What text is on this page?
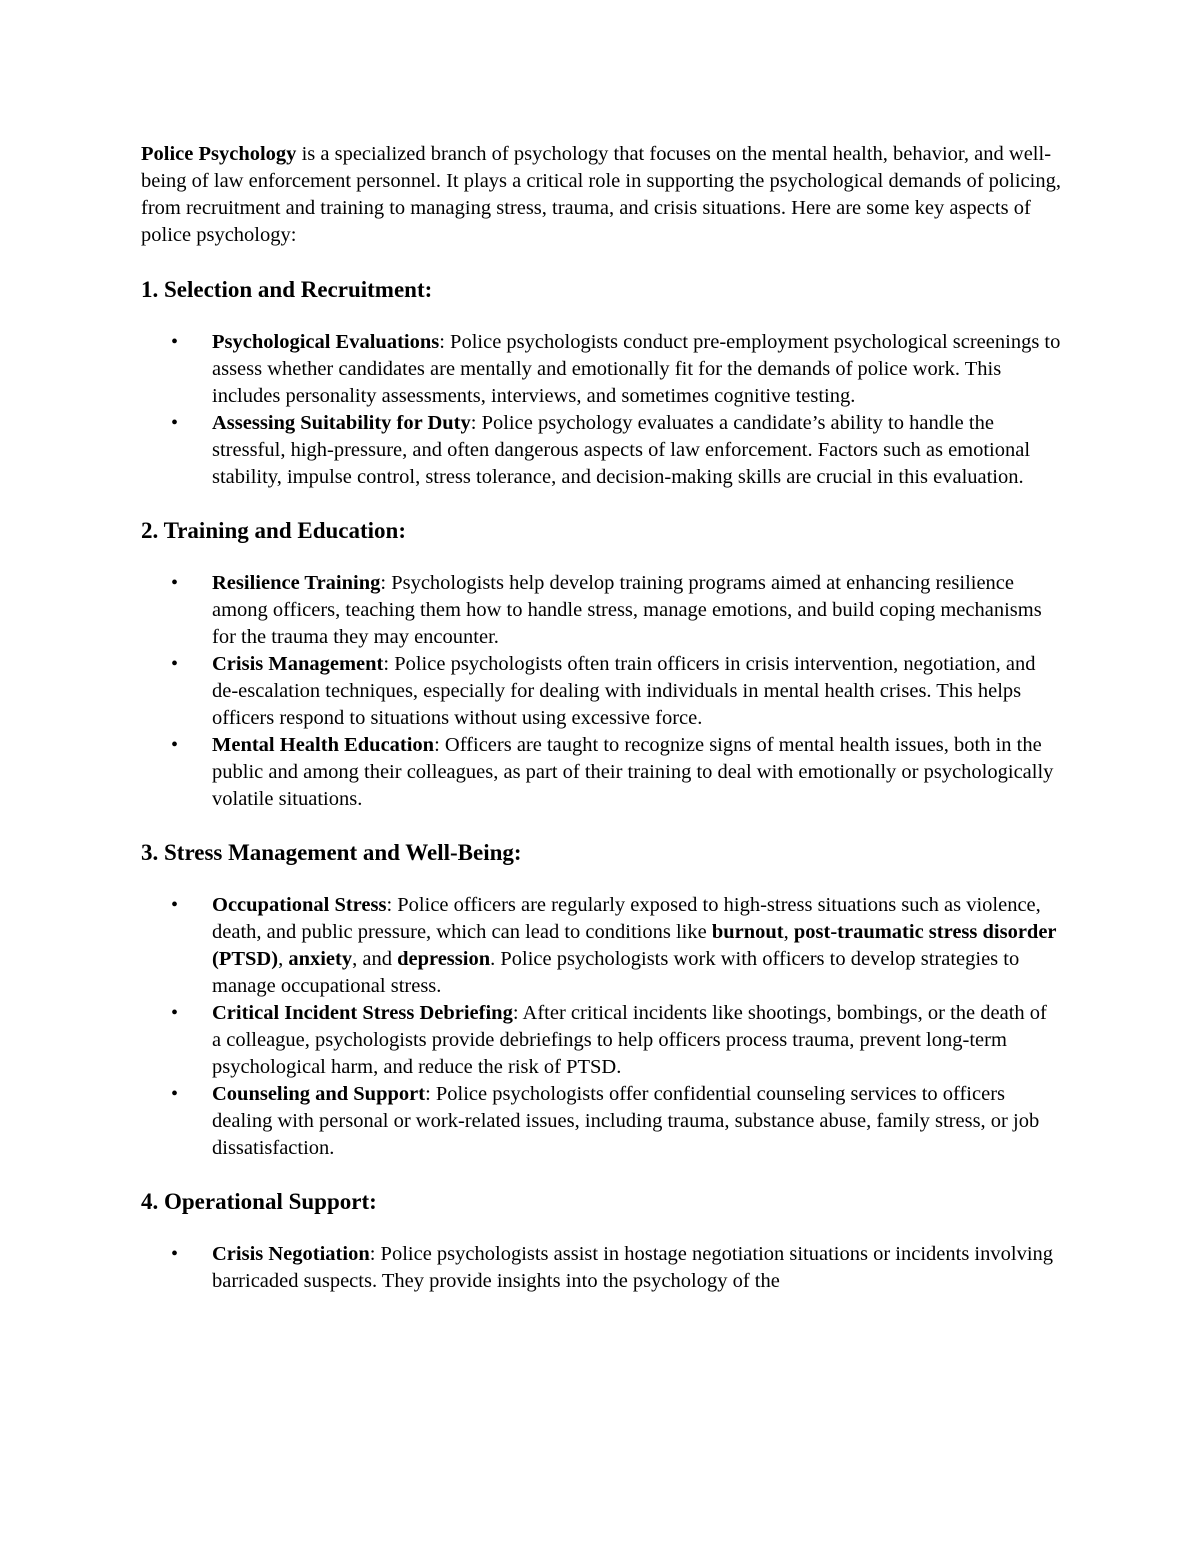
Police Psychology is a specialized branch of psychology that focuses on the mental health, behavior, and well-being of law enforcement personnel. It plays a critical role in supporting the psychological demands of policing, from recruitment and training to managing stress, trauma, and crisis situations. Here are some key aspects of police psychology:

1. Selection and Recruitment:
• Psychological Evaluations: Police psychologists conduct pre-employment psychological screenings to assess whether candidates are mentally and emotionally fit for the demands of police work. This includes personality assessments, interviews, and sometimes cognitive testing.
• Assessing Suitability for Duty: Police psychology evaluates a candidate’s ability to handle the stressful, high-pressure, and often dangerous aspects of law enforcement. Factors such as emotional stability, impulse control, stress tolerance, and decision-making skills are crucial in this evaluation.
2. Training and Education:
• Resilience Training: Psychologists help develop training programs aimed at enhancing resilience among officers, teaching them how to handle stress, manage emotions, and build coping mechanisms for the trauma they may encounter.
• Crisis Management: Police psychologists often train officers in crisis intervention, negotiation, and de-escalation techniques, especially for dealing with individuals in mental health crises. This helps officers respond to situations without using excessive force.
• Mental Health Education: Officers are taught to recognize signs of mental health issues, both in the public and among their colleagues, as part of their training to deal with emotionally or psychologically volatile situations.
3. Stress Management and Well-Being:
• Occupational Stress: Police officers are regularly exposed to high-stress situations such as violence, death, and public pressure, which can lead to conditions like burnout, post-traumatic stress disorder (PTSD), anxiety, and depression. Police psychologists work with officers to develop strategies to manage occupational stress.
• Critical Incident Stress Debriefing: After critical incidents like shootings, bombings, or the death of a colleague, psychologists provide debriefings to help officers process trauma, prevent long-term psychological harm, and reduce the risk of PTSD.
• Counseling and Support: Police psychologists offer confidential counseling services to officers dealing with personal or work-related issues, including trauma, substance abuse, family stress, or job dissatisfaction.
4. Operational Support:
• Crisis Negotiation: Police psychologists assist in hostage negotiation situations or incidents involving barricaded suspects. They provide insights into the psychology of the
